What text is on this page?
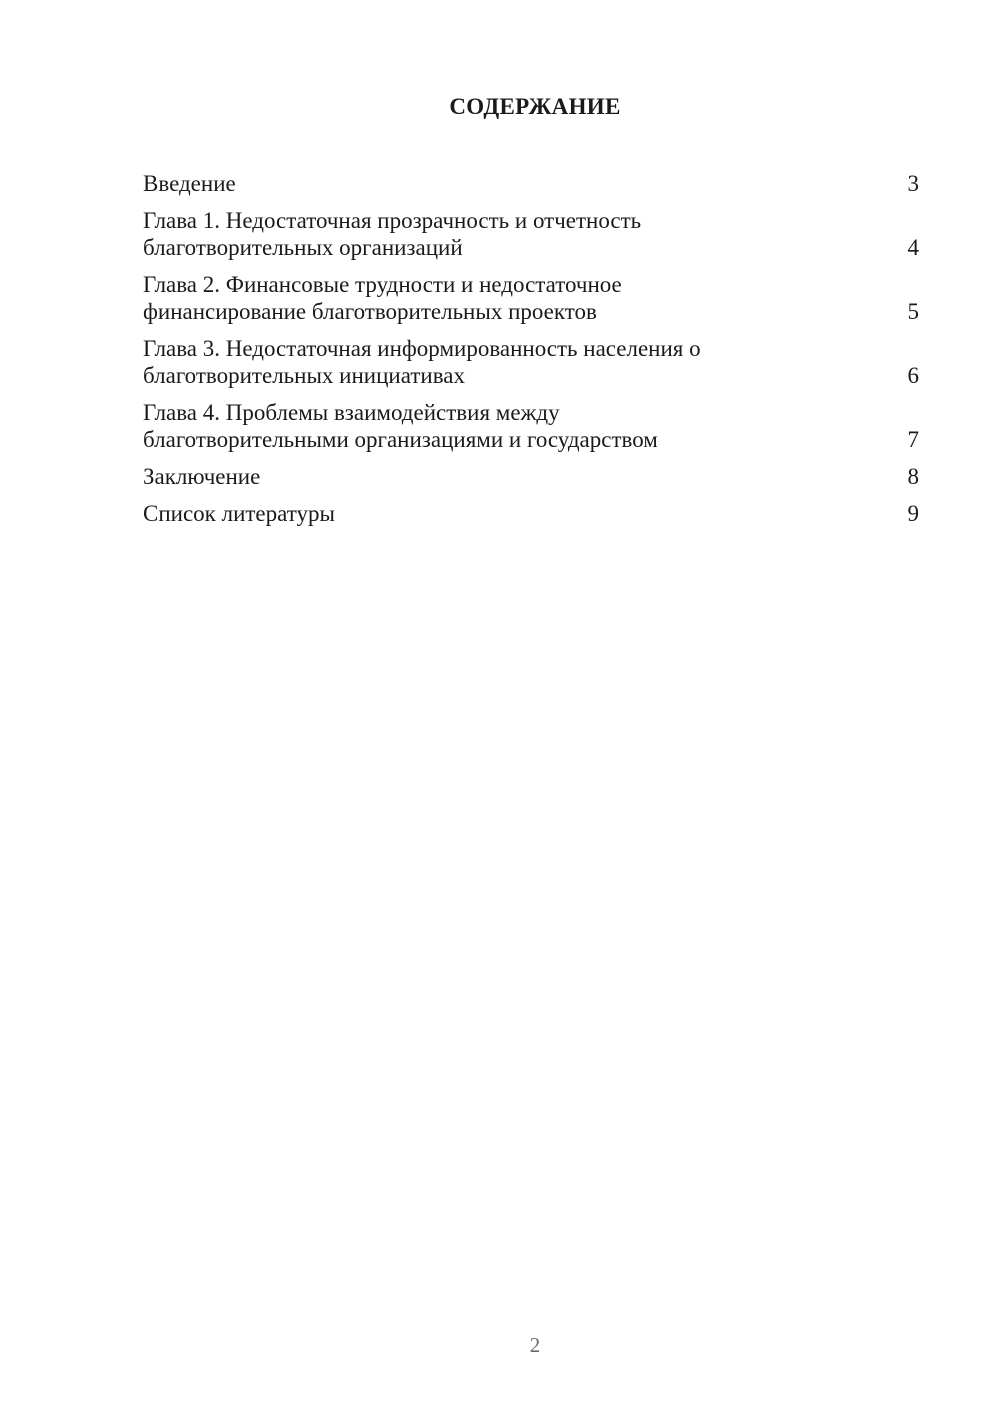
СОДЕРЖАНИЕ
Введение	3
Глава 1. Недостаточная прозрачность и отчетность
благотворительных организаций	4
Глава 2. Финансовые трудности и недостаточное
финансирование благотворительных проектов	5
Глава 3. Недостаточная информированность населения о
благотворительных инициативах	6
Глава 4. Проблемы взаимодействия между
благотворительными организациями и государством	7
Заключение	8
Список литературы	9
2
